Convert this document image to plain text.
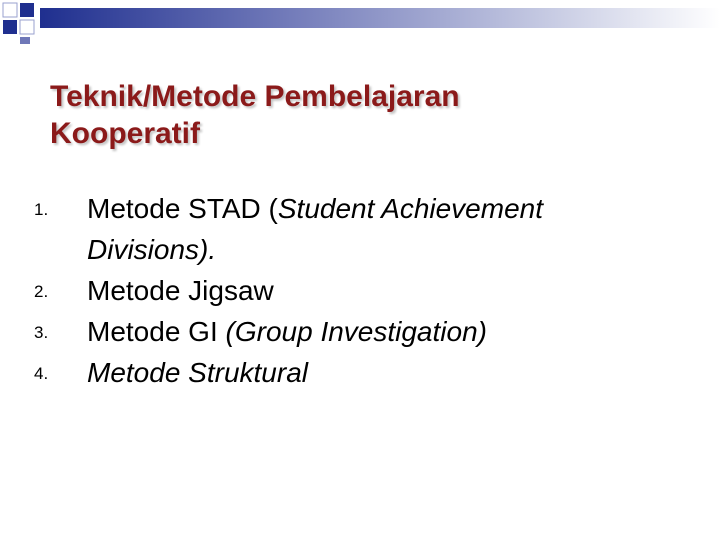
Teknik/Metode Pembelajaran
Kooperatif
1. Metode STAD (Student Achievement
Divisions).
2. Metode Jigsaw
3. Metode GI (Group Investigation)
4. Metode Struktural
